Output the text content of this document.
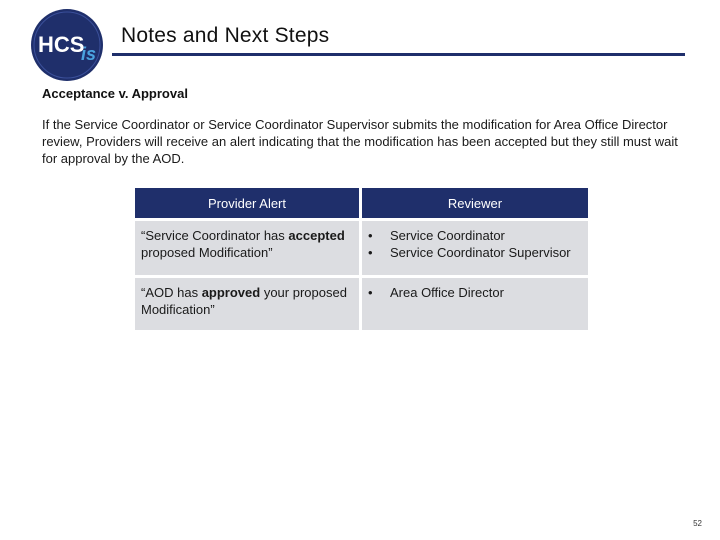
HCS
is
Notes and Next Steps
Acceptance v. Approval
If the Service Coordinator or Service Coordinator Supervisor submits the modification for Area Office Director review, Providers will receive an alert indicating that the modification has been accepted but they still must wait for approval by the AOD.
Provider Alert	Reviewer
“Service Coordinator has accepted proposed Modification”	• Service Coordinator
• Service Coordinator Supervisor

“AOD has approved your proposed Modification”	• Area Office Director
52
